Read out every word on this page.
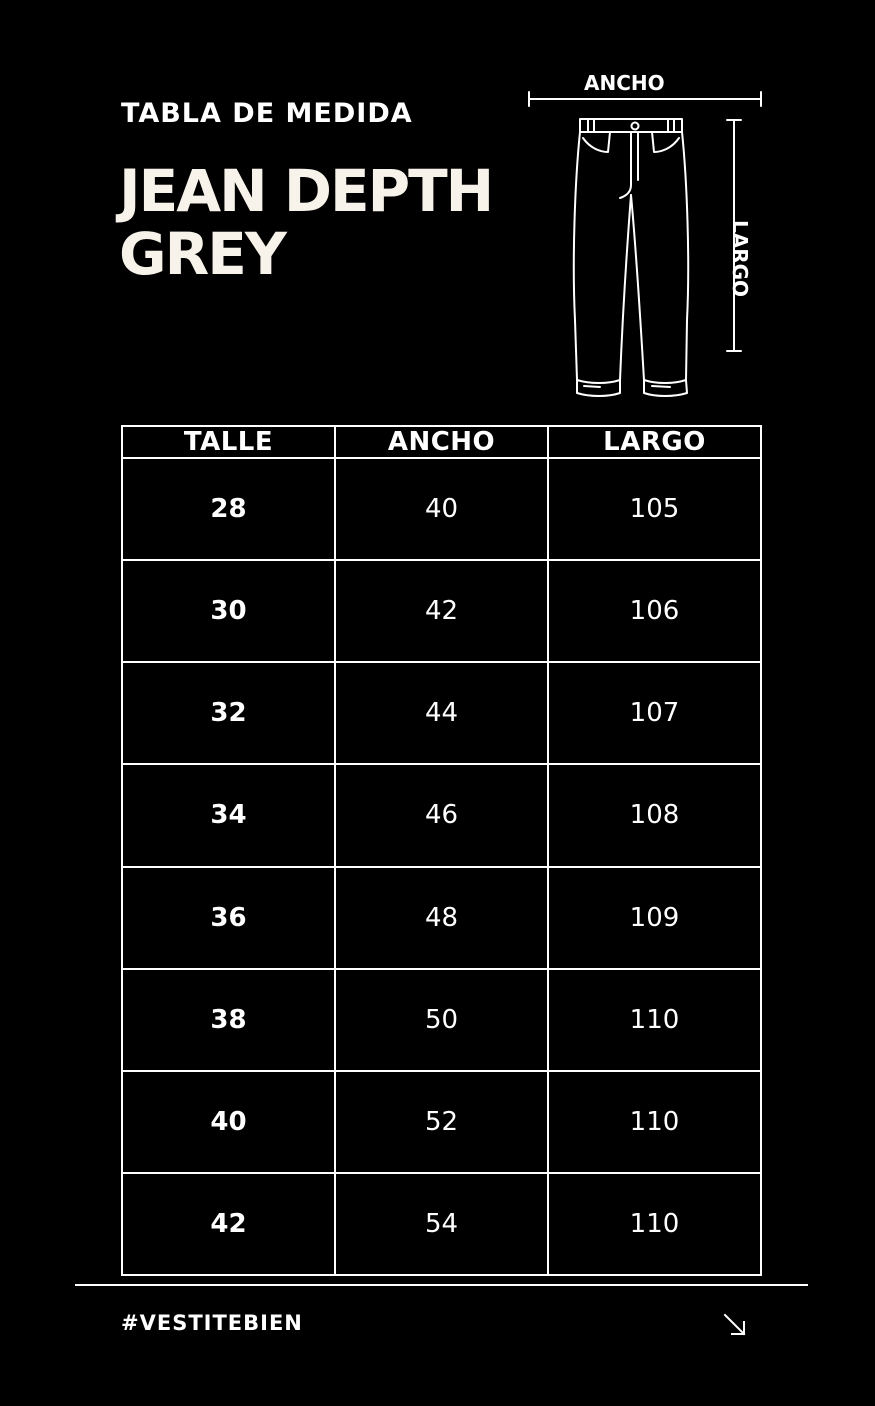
TABLA DE MEDIDA
JEAN DEPTH
GREY
ANCHO
LARGO
TALLE	ANCHO	LARGO
28	40	105
30	42	106
32	44	107
34	46	108
36	48	109
38	50	110
40	52	110
42	54	110
#VESTITEBIEN
